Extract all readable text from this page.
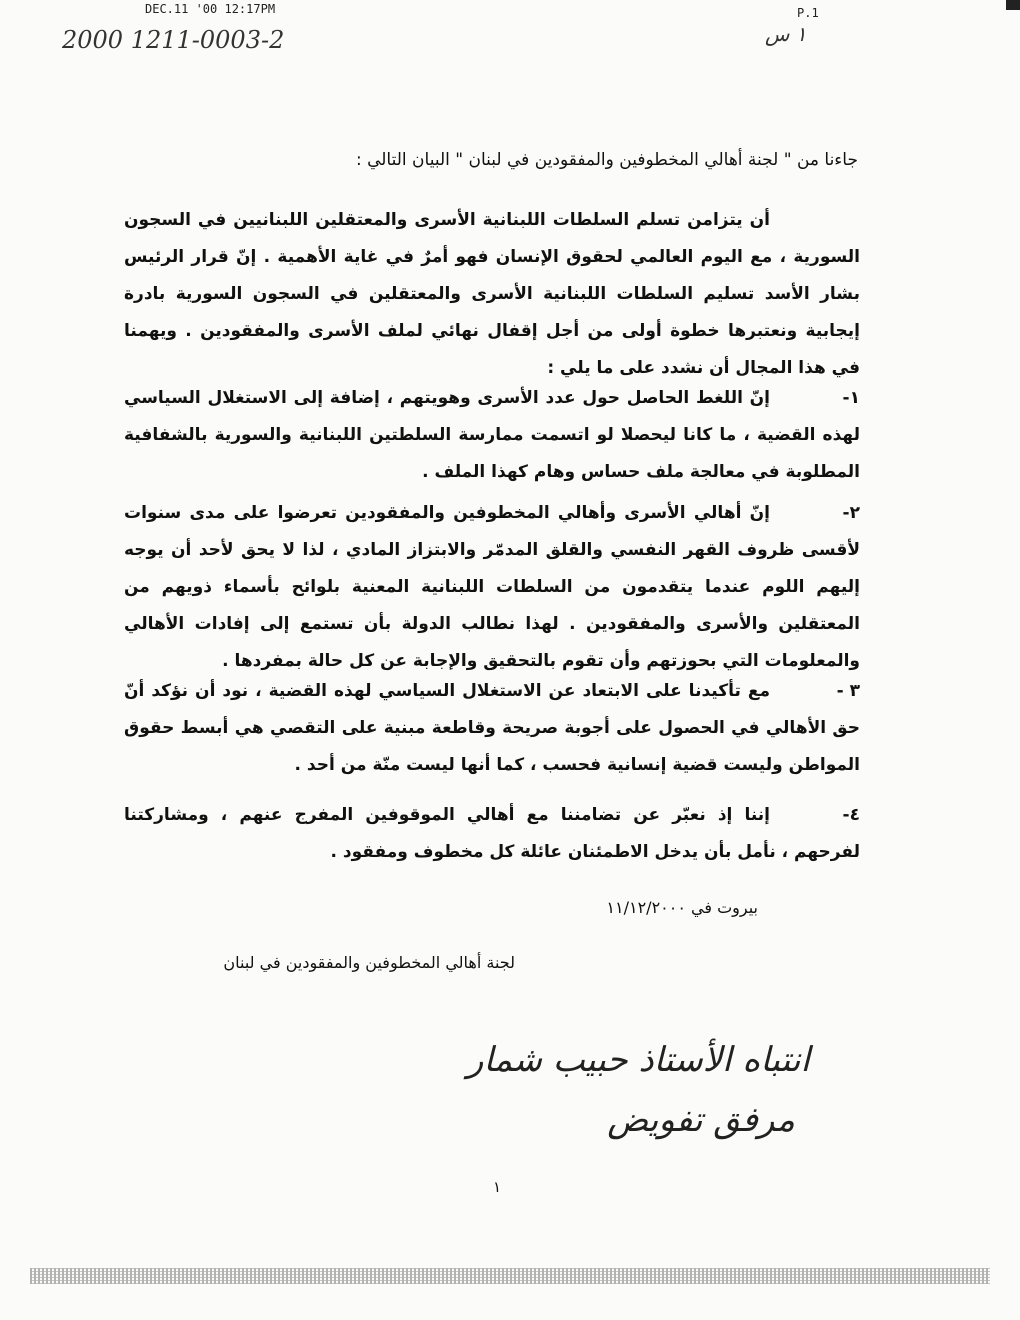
DEC.11 '00 12:17PM	P.1
2000 1211-0003-2	١ س
جاءنا من " لجنة أهالي المخطوفين والمفقودين في لبنان " البيان التالي :
أن يتزامن تسلم السلطات اللبنانية الأسرى والمعتقلين اللبنانيين في السجون السورية ، مع اليوم العالمي لحقوق الإنسان فهو أمرٌ في غاية الأهمية . إنّ قرار الرئيس بشار الأسد تسليم السلطات اللبنانية الأسرى والمعتقلين في السجون السورية بادرة إيجابية ونعتبرها خطوة أولى من أجل إقفال نهائي لملف الأسرى والمفقودين . ويهمنا في هذا المجال أن نشدد على ما يلي :
١-إنّ اللغط الحاصل حول عدد الأسرى وهويتهم ، إضافة إلى الاستغلال السياسي لهذه القضية ، ما كانا ليحصلا لو اتسمت ممارسة السلطتين اللبنانية والسورية بالشفافية المطلوبة في معالجة ملف حساس وهام كهذا الملف .
٢-إنّ أهالي الأسرى وأهالي المخطوفين والمفقودين تعرضوا على مدى سنوات لأقسى ظروف القهر النفسي والقلق المدمّر والابتزاز المادي ، لذا لا يحق لأحد أن يوجه إليهم اللوم عندما يتقدمون من السلطات اللبنانية المعنية بلوائح بأسماء ذويهم من المعتقلين والأسرى والمفقودين . لهذا نطالب الدولة بأن تستمع إلى إفادات الأهالي والمعلومات التي بحوزتهم وأن تقوم بالتحقيق والإجابة عن كل حالة بمفردها .
٣ -مع تأكيدنا على الابتعاد عن الاستغلال السياسي لهذه القضية ، نود أن نؤكد أنّ حق الأهالي في الحصول على أجوبة صريحة وقاطعة مبنية على التقصي هي أبسط حقوق المواطن وليست قضية إنسانية فحسب ، كما أنها ليست منّة من أحد .
٤-إننا إذ نعبّر عن تضامننا مع أهالي الموقوفين المفرج عنهم ، ومشاركتنا لفرحهم ، نأمل بأن يدخل الاطمئنان عائلة كل مخطوف ومفقود .
بيروت في ١١/١٢/٢٠٠٠
لجنة أهالي المخطوفين والمفقودين في لبنان
انتباه الأستاذ حبيب شمار
مرفق تفويض
١
